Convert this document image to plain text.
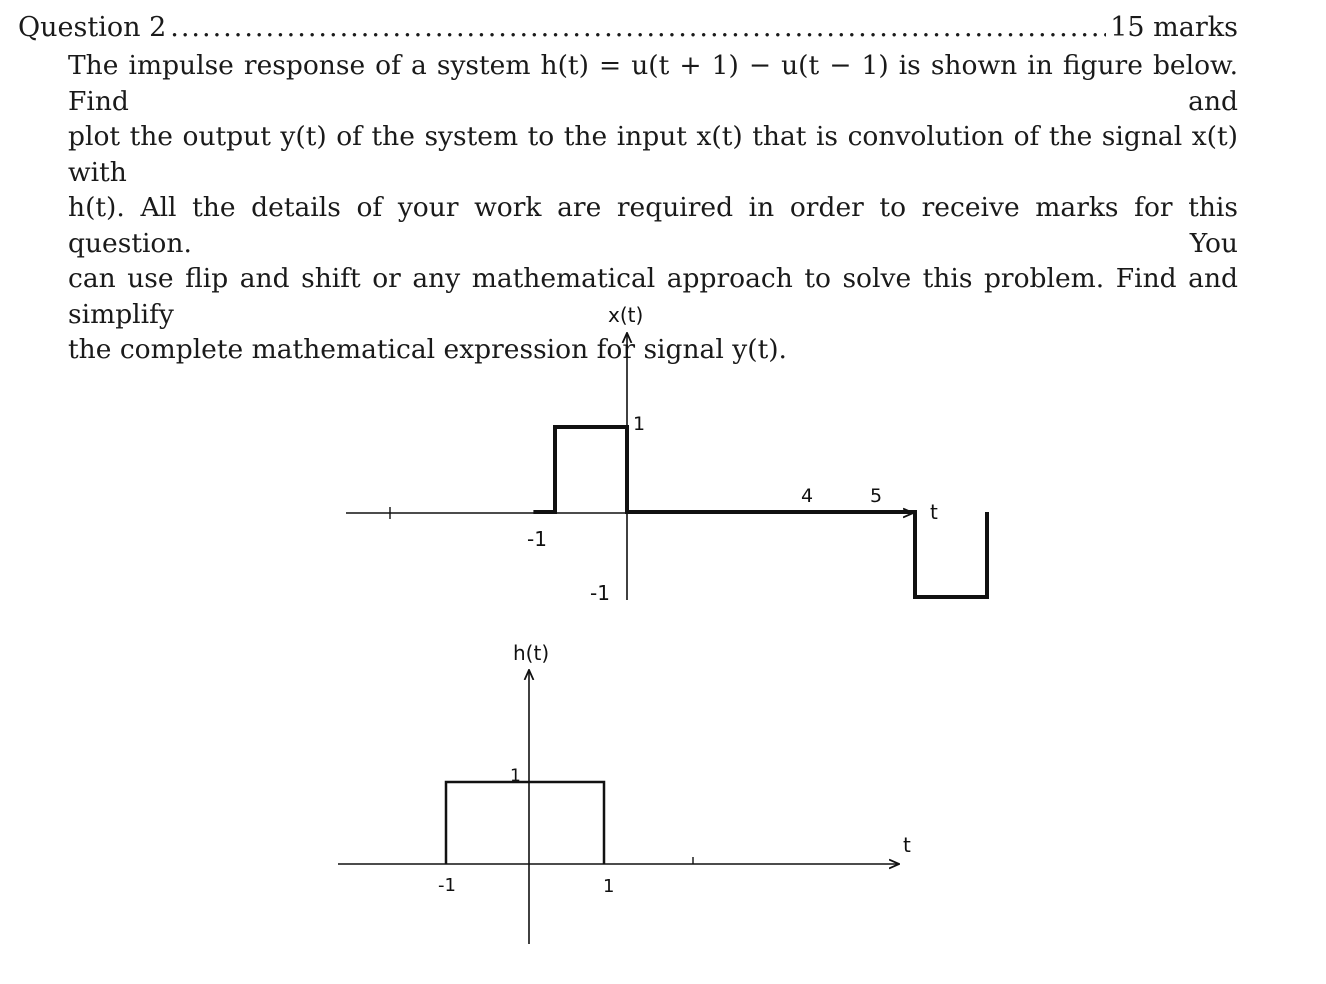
Question 2
.....	15 marks
The impulse response of a system h(t) = u(t + 1) − u(t − 1) is shown in figure below. Find and
plot the output y(t) of the system to the input x(t) that is convolution of the signal x(t) with
h(t). All the details of your work are required in order to receive marks for this question. You
can use flip and shift or any mathematical approach to solve this problem. Find and simplify
the complete mathematical expression for signal y(t).
x(t)
t
-1
4	5
1
-1
h(t)
t
-1	1
1
